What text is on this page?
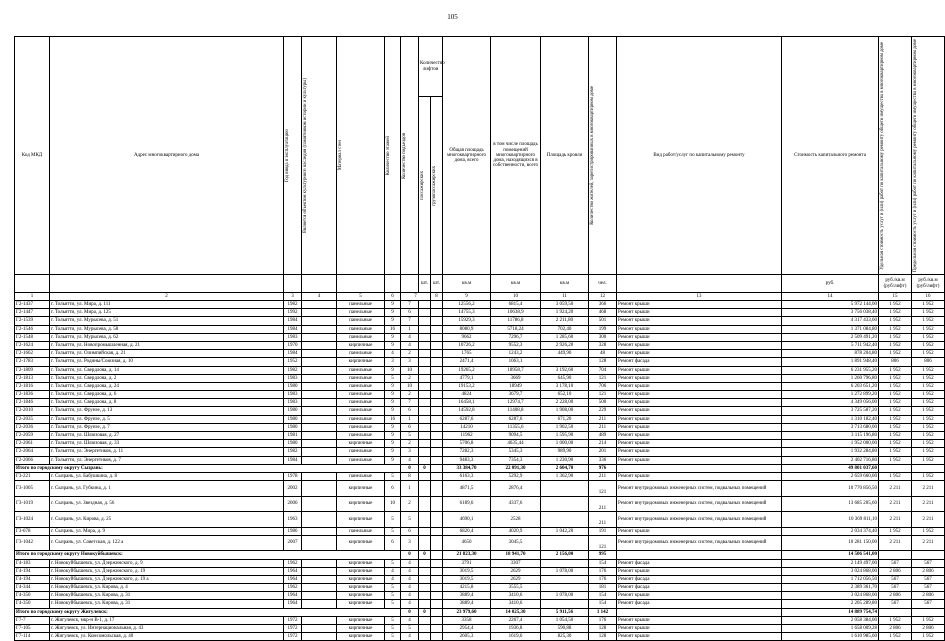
105
Код МКД	Адрес многоквартирного дома	Год ввода в эксплуатацию	Является объектом культурного наследия (памятником истории и культуры)	Материал стен	Количество этажей	Количество подъездов	Количество лифтов		Общая площадь многоквартирного дома, всего	в том числе площадь помещений многоквартирного дома, находящихся в собственности, всего	Площадь кровли	Количество жителей, зарегистрированных в многоквартирном доме	Вид работ/услуг по капитальному ремонту	Стоимость капитального ремонта	Удельная стоимость услуг и (или) работ по капитальному ремонту общего имущества в многоквартирном доме	Предельная стоимость услуг и (или) работ по капитальному ремонту общего имущества в многоквартирном доме

							пассажирских	грузопассажирских								

							шт.	шт.	кв.м	кв.м	кв.м	чел.		руб.	руб./кв.м (руб/лифт)	руб./кв.м (руб/лифт)
1	2	3	4	5	6	7		8	9	10	11	12	13	14	15	16
Г2-1437	г. Тольятти, ул. Мира, д. 111	1982		панельные	9	7			12556,2	6815,4	3 059,50	366	Ремонт крыши	5 972 144,00	1 952	1 952
Г2-1447	г. Тольятти, ул. Мира, д. 125	1992		панельные	9	6			14755,3	10638,9	1 924,20	468	Ремонт крыши	3 756 038,40	1 952	1 952
Г2-1539	г. Тольятти, ул. Мурысева, д. 51	1984		панельные	9	7			15929,3	11786,8	2 211,80	501	Ремонт крыши	4 317 433,60	1 952	1 952
Г2-1546	г. Тольятти, ул. Мурысева, д. 58	1984		панельные	16	1			8080,9	5718,24	702,40	199	Ремонт крыши	1 371 084,80	1 952	1 952
Г2-1548	г. Тольятти, ул. Мурысева, д. 62	1983		панельные	9	4			9662	7296,7	1 285,60	300	Ремонт крыши	2 509 491,20	1 952	1 952
Г2-1624	г. Тольятти, ул. Новопромышленная, д. 21	1970		кирпичные	9	4			10726,2	9552,3	2 926,20	328	Ремонт крыши	5 711 942,40	1 952	1 952
Г2-1662	г. Тольятти, ул. Олимпийская, д. 21	1984		панельные	4	2			1765	1243,2	449,90	48	Ремонт крыши	878 204,80	1 952	1 952
Г2-1783	г. Тольятти, ул. Родины/Союзная, д. 10	1952		кирпичные	3	3			2471,4	1063,1		128	Ремонт фасада	1 891 948,40	806	806
Г2-1809	г. Тольятти, ул. Свердлова, д. 14	1982		панельные	9	10			19265,2	18958,7	3 192,60	704	Ремонт крыши	6 231 955,20	1 952	1 952
Г2-1813	г. Тольятти, ул. Свердлова, д. 2	1983		панельные	5	2			4779,1	3669	645,90	121	Ремонт крыши	1 260 796,80	1 952	1 952
Г2-1816	г. Тольятти, ул. Свердлова, д. 24	1980		панельные	9	10			19153,2	18949	3 178,10	706	Ремонт крыши	6 203 651,20	1 952	1 952
Г2-1836	г. Тольятти, ул. Свердлова, д. 6	1983		панельные	9	2			4824	3679,7	652,10	121	Ремонт крыши	1 272 899,20	1 952	1 952
Г2-1846	г. Тольятти, ул. Свердлова, д. 8	1983		панельные	9	7			16458,1	12974,7	2 228,00	500	Ремонт крыши	4 349 056,00	1 952	1 952
Г2-2010	г. Тольятти, ул. Фрунзе, д. 13	1980		панельные	9	6			14592,8	11408,8	1 908,00	229	Ремонт крыши	3 725 587,20	1 952	1 952
Г2-2035	г. Тольятти, ул. Фрунзе, д. 5	1980		панельные	16	1			6287,6	6287,6	671,20	211	Ремонт крыши	1 310 182,40	1 952	1 952
Г2-2036	г. Тольятти, ул. Фрунзе, д. 7	1980		панельные	9	6			14210	11355,6	1 902,50	211	Ремонт крыши	3 713 680,00	1 952	1 952
Г2-2059	г. Тольятти, ул. Шлюзовая, д. 27	1981		панельные	9	5			11962	9094,5	1 595,90	489	Ремонт крыши	3 115 196,80	1 952	1 952
Г2-2061	г. Тольятти, ул. Шлюзовая, д. 33	1980		кирпичные	9	2			5706,8	4635,44	1 000,00	214	Ремонт крыши	1 952 000,00	1 952	1 952
Г2-2064	г. Тольятти, ул. Энергетиков, д. 11	1982		панельные	9	3			7282,3	5345,3	989,90	201	Ремонт крыши	1 932 284,80	1 952	1 952
Г2-2066	г. Тольятти, ул. Энергетиков, д. 7	1984		панельные	9	4			9483,3	7354,3	1 230,90	336	Ремонт крыши	2 402 716,80	1 952	1 952
Итого по городскому округу Сызрань:						0	0		33 384,70	22 091,30	2 604,70	976		49 801 037,60		
Г3-221	г. Сызрань, ул. Бабушкина, д. 8	1978		панельные	5	8			6163,3	5292,9	1 362,90	211	Ремонт крыши	2 659 660,00	1 952	1 952
Г3-1005	г. Сызрань, ул. Губкина, д. 1	2002		кирпичные	6	1			4871,5	2876,4		121	Ремонт внутридомовых инженерных систем, подвальных помещений	10 770 856,50	2 211	2 211
Г3-1019	г. Сызрань, ул. Звездная, д. 56	2006		кирпичные	10	2			6189,6	4337,6		211	Ремонт внутридомовых инженерных систем, подвальных помещений	13 685 205,60	2 211	2 211
Г3-1024	г. Сызрань, ул. Кирова, д. 25	1963		кирпичные	5	5			4690,1	2528		211	Ремонт внутридомовых инженерных систем, подвальных помещений	10 369 811,10	2 211	2 211
Г3-678	г. Сызрань, ул. Мира, д. 9	1986		панельные	5	6			6820,4	4020,9	1 042,20	191	Ремонт крыши	2 034 374,40	1 952	1 952
Г3-1042	г. Сызрань, ул. Советская, д. 122 а	2007		кирпичные	6	3			4650	3045,5		121	Ремонт внутридомовых инженерных систем, подвальных помещений	10 281 150,00	2 211	2 211
Итого по городскому округу Новокуйбышевск:						0	0		21 823,30	18 941,70	2 156,00	995		14 506 541,00		
Г4-183	г. Новокуйбышевск, ул. Дзержинского, д. 9	1962		кирпичные	5	4			3791	3307		154	Ремонт фасада	2 149 497,00	567	567
Г4-194	г. Новокуйбышевск, ул. Дзержинского, д. 19	1964		кирпичные	4	4			3019,5	2629	1 078,00	176	Ремонт крыши	3 024 868,00	2 806	2 806
Г4-194	г. Новокуйбышевск, ул. Дзержинского, д. 19 а	1964		кирпичные	4	4			3019,5	2629		176	Ремонт фасада	1 712 056,50	567	567
Г4-344	г. Новокуйбышевск, ул. Кирова, д. 4	1962		кирпичные	5	4			4215,8	3555,5		181	Ремонт фасада	2 389 361,70	567	567
Г4-350	г. Новокуйбышевск, ул. Кирова, д. 31	1964		кирпичные	5	4			3889,4	3410,6	1 078,00	154	Ремонт крыши	3 024 868,00	2 806	2 806
Г4-350	г. Новокуйбышевск, ул. Кирова, д. 31	1964		кирпичные	5	4			3889,4	3410,6		154	Ремонт фасада	2 205 289,80	567	567
Итого по городскому округу Жигулевск:						0	0		23 979,60	14 025,30	5 911,56	1 142		14 889 754,74		
Г7-7	г. Жигулевск, мкр-н В-1, д. 17	1972		кирпичные	5	4			3358	2267,4	1 054,50	176	Ремонт крыши	2 058 384,00	1 952	1 952
Г7-105	г. Жигулевск, ул. Интернациональная, д. 43	1972		кирпичные	5	5			2954,4	1936,8	590,88	128	Ремонт крыши	1 658 009,28	2 806	2 806
Г7-114	г. Жигулевск, ул. Комсомольская, д. 40	1972		кирпичные	5	4			2605,3	1619,6	825,30	128	Ремонт крыши	1 610 985,60	1 952	1 952
